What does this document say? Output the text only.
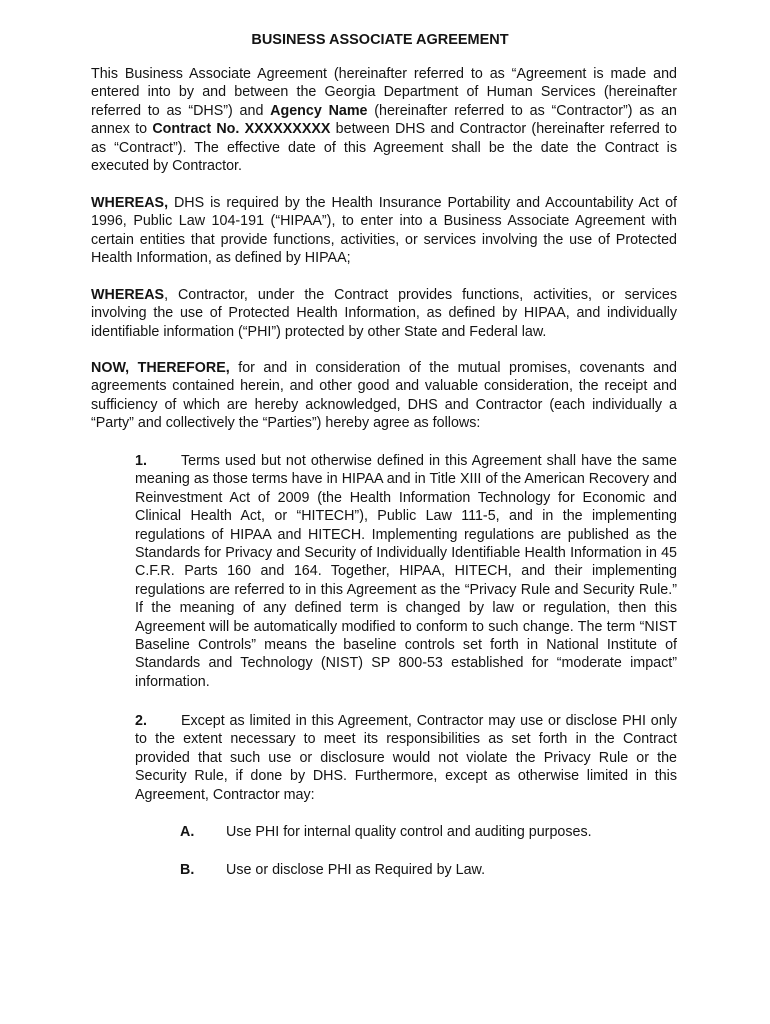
BUSINESS ASSOCIATE AGREEMENT

This Business Associate Agreement (hereinafter referred to as “Agreement is made and entered into by and between the Georgia Department of Human Services (hereinafter referred to as “DHS”) and Agency Name (hereinafter referred to as “Contractor”) as an annex to Contract No. XXXXXXXXX between DHS and Contractor (hereinafter referred to as “Contract”). The effective date of this Agreement shall be the date the Contract is executed by Contractor.

WHEREAS, DHS is required by the Health Insurance Portability and Accountability Act of 1996, Public Law 104-191 (“HIPAA”), to enter into a Business Associate Agreement with certain entities that provide functions, activities, or services involving the use of Protected Health Information, as defined by HIPAA;

WHEREAS, Contractor, under the Contract provides functions, activities, or services involving the use of Protected Health Information, as defined by HIPAA, and individually identifiable information (“PHI”) protected by other State and Federal law.

NOW, THEREFORE, for and in consideration of the mutual promises, covenants and agreements contained herein, and other good and valuable consideration, the receipt and sufficiency of which are hereby acknowledged, DHS and Contractor (each individually a “Party” and collectively the “Parties”) hereby agree as follows:

1. Terms used but not otherwise defined in this Agreement shall have the same meaning as those terms have in HIPAA and in Title XIII of the American Recovery and Reinvestment Act of 2009 (the Health Information Technology for Economic and Clinical Health Act, or “HITECH”), Public Law 111-5, and in the implementing regulations of HIPAA and HITECH. Implementing regulations are published as the Standards for Privacy and Security of Individually Identifiable Health Information in 45 C.F.R. Parts 160 and 164. Together, HIPAA, HITECH, and their implementing regulations are referred to in this Agreement as the “Privacy Rule and Security Rule.” If the meaning of any defined term is changed by law or regulation, then this Agreement will be automatically modified to conform to such change. The term “NIST Baseline Controls” means the baseline controls set forth in National Institute of Standards and Technology (NIST) SP 800-53 established for “moderate impact” information.

2. Except as limited in this Agreement, Contractor may use or disclose PHI only to the extent necessary to meet its responsibilities as set forth in the Contract provided that such use or disclosure would not violate the Privacy Rule or the Security Rule, if done by DHS. Furthermore, except as otherwise limited in this Agreement, Contractor may:

A. Use PHI for internal quality control and auditing purposes.

B. Use or disclose PHI as Required by Law.
